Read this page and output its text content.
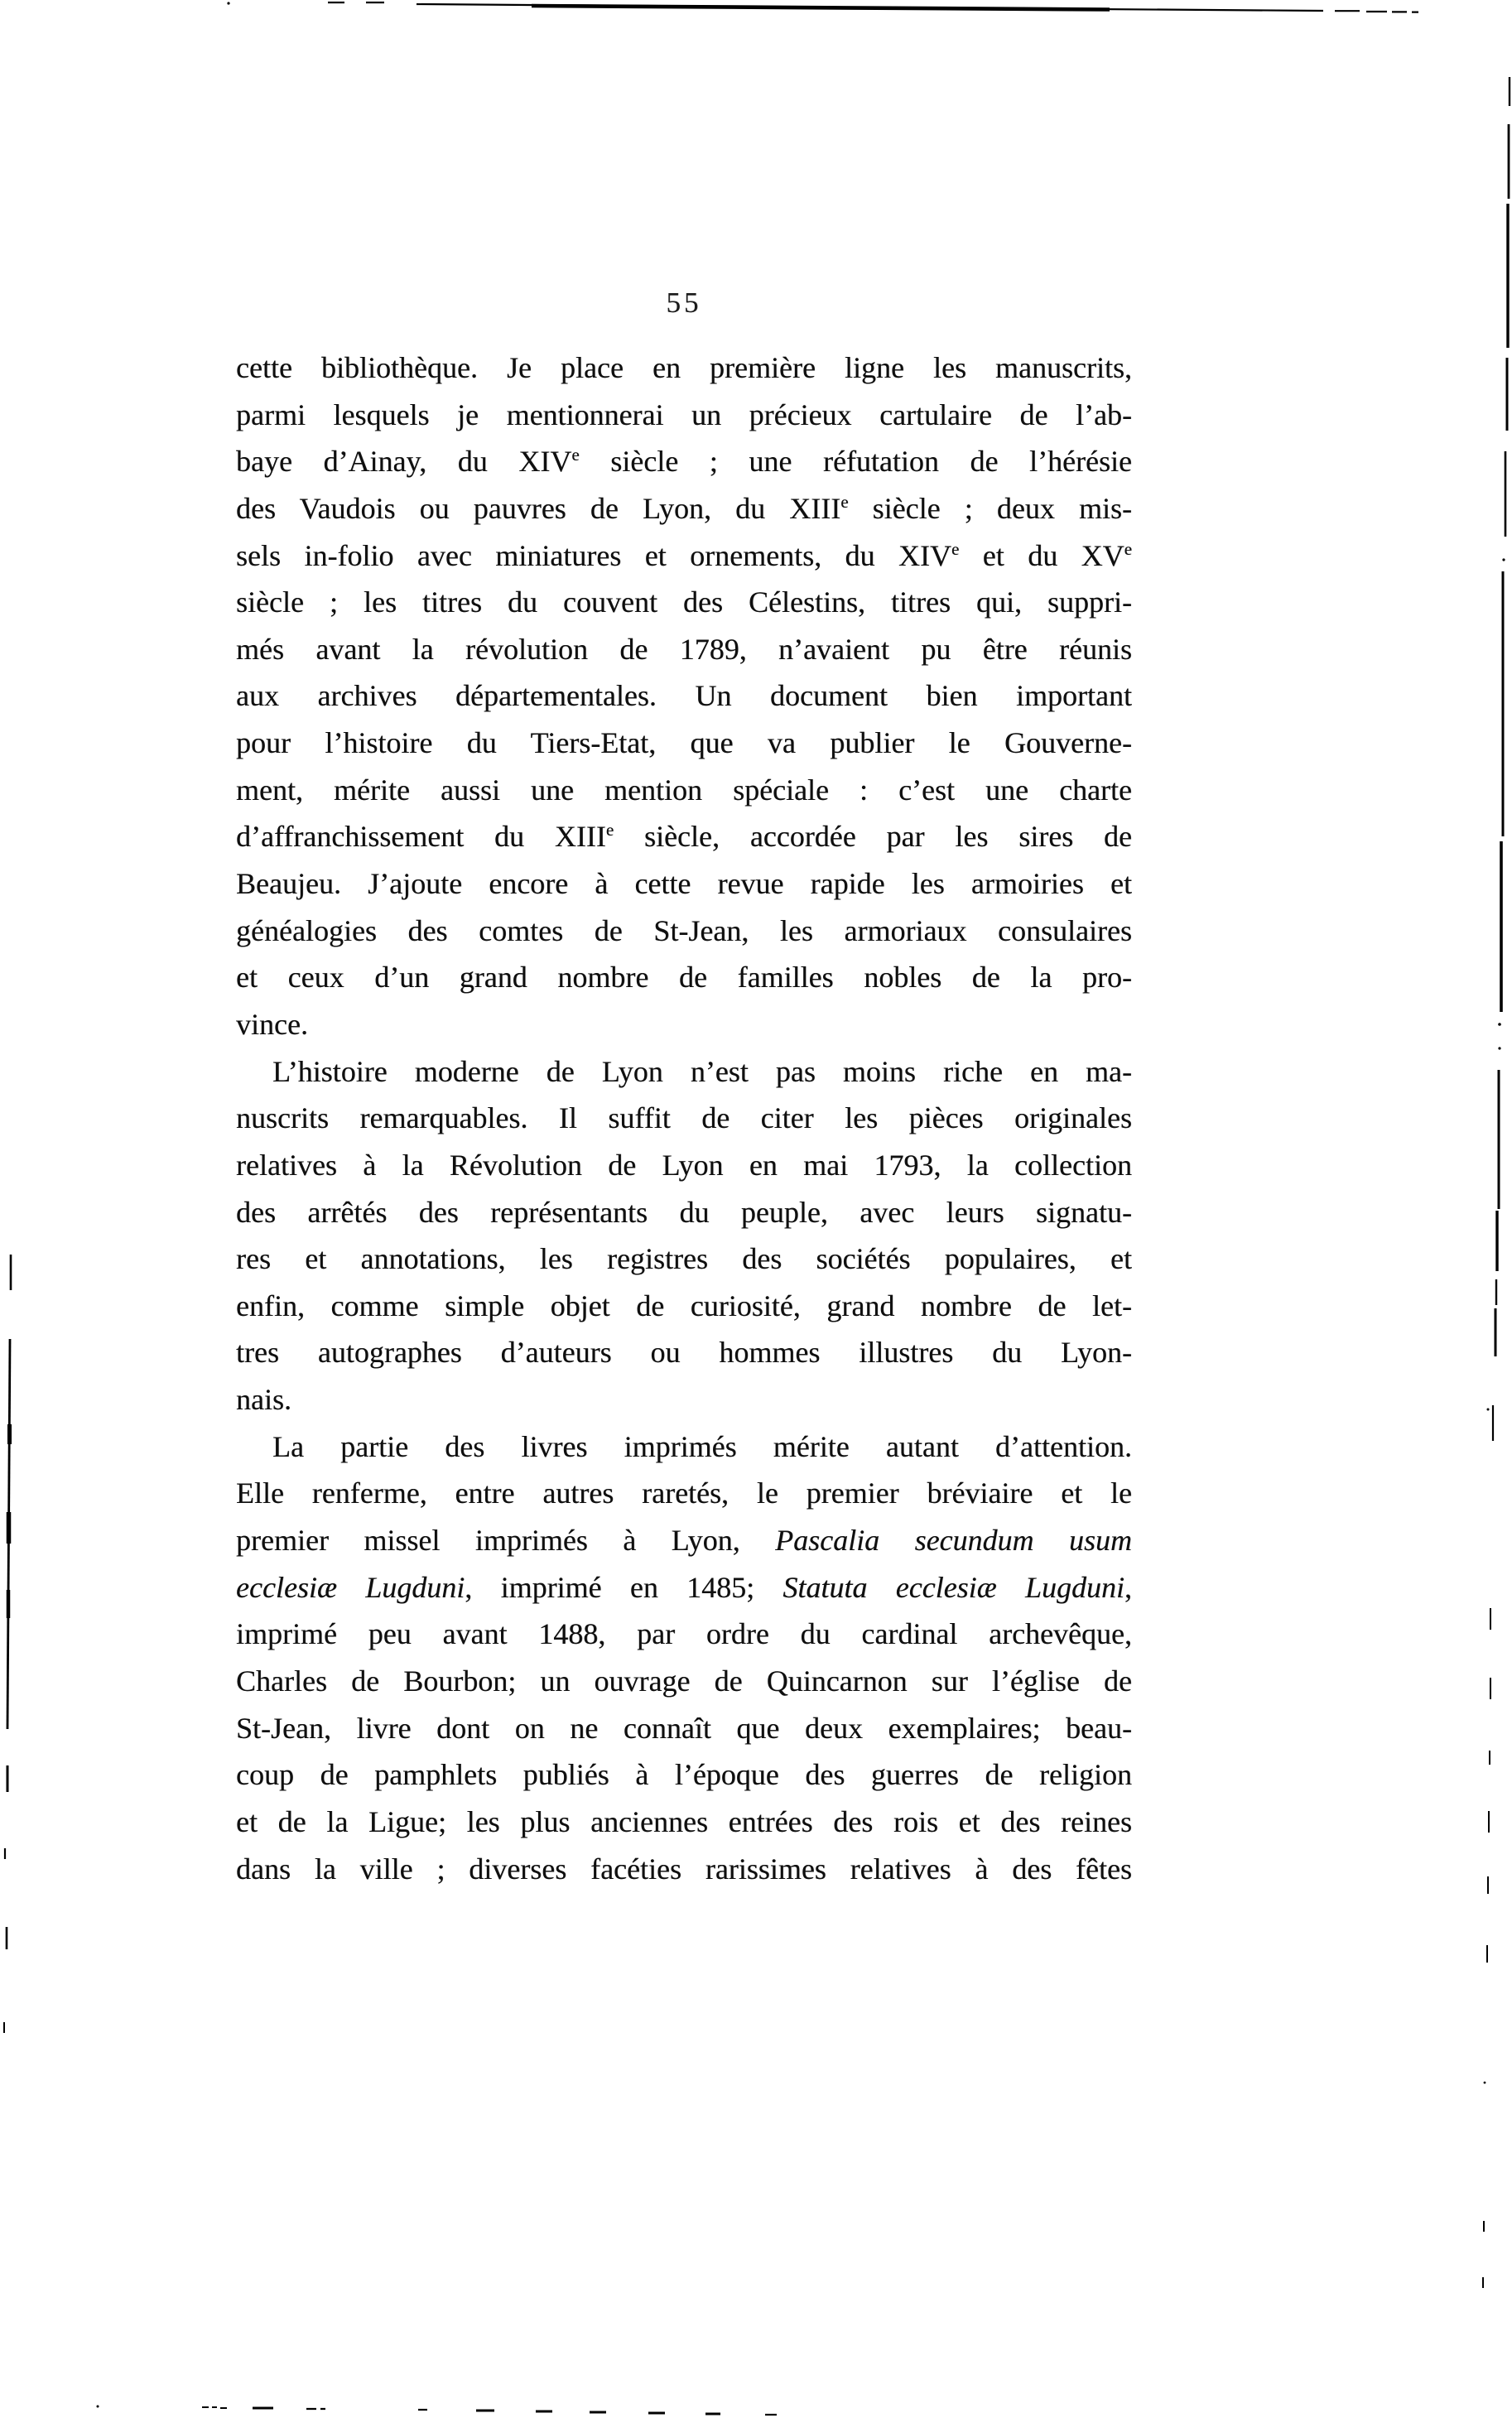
55
cette bibliothèque. Je place en première ligne les manuscrits,
parmi lesquels je mentionnerai un précieux cartulaire de l’ab-
baye d’Ainay, du XIVe siècle ; une réfutation de l’hérésie
des Vaudois ou pauvres de Lyon, du XIIIe siècle ; deux mis-
sels in-folio avec miniatures et ornements, du XIVe et du XVe
siècle ; les titres du couvent des Célestins, titres qui, suppri-
més avant la révolution de 1789, n’avaient pu être réunis
aux archives départementales. Un document bien important
pour l’histoire du Tiers-Etat, que va publier le Gouverne-
ment, mérite aussi une mention spéciale : c’est une charte
d’affranchissement du XIIIe siècle, accordée par les sires de
Beaujeu. J’ajoute encore à cette revue rapide les armoiries et
généalogies des comtes de St-Jean, les armoriaux consulaires
et ceux d’un grand nombre de familles nobles de la pro-
vince.
L’histoire moderne de Lyon n’est pas moins riche en ma-
nuscrits remarquables. Il suffit de citer les pièces originales
relatives à la Révolution de Lyon en mai 1793, la collection
des arrêtés des représentants du peuple, avec leurs signatu-
res et annotations, les registres des sociétés populaires, et
enfin, comme simple objet de curiosité, grand nombre de let-
tres autographes d’auteurs ou hommes illustres du Lyon-
nais.
La partie des livres imprimés mérite autant d’attention.
Elle renferme, entre autres raretés, le premier bréviaire et le
premier missel imprimés à Lyon, Pascalia secundum usum
ecclesiæ Lugduni, imprimé en 1485; Statuta ecclesiæ Lugduni,
imprimé peu avant 1488, par ordre du cardinal archevêque,
Charles de Bourbon; un ouvrage de Quincarnon sur l’église de
St-Jean, livre dont on ne connaît que deux exemplaires; beau-
coup de pamphlets publiés à l’époque des guerres de religion
et de la Ligue; les plus anciennes entrées des rois et des reines
dans la ville ; diverses facéties rarissimes relatives à des fêtes
